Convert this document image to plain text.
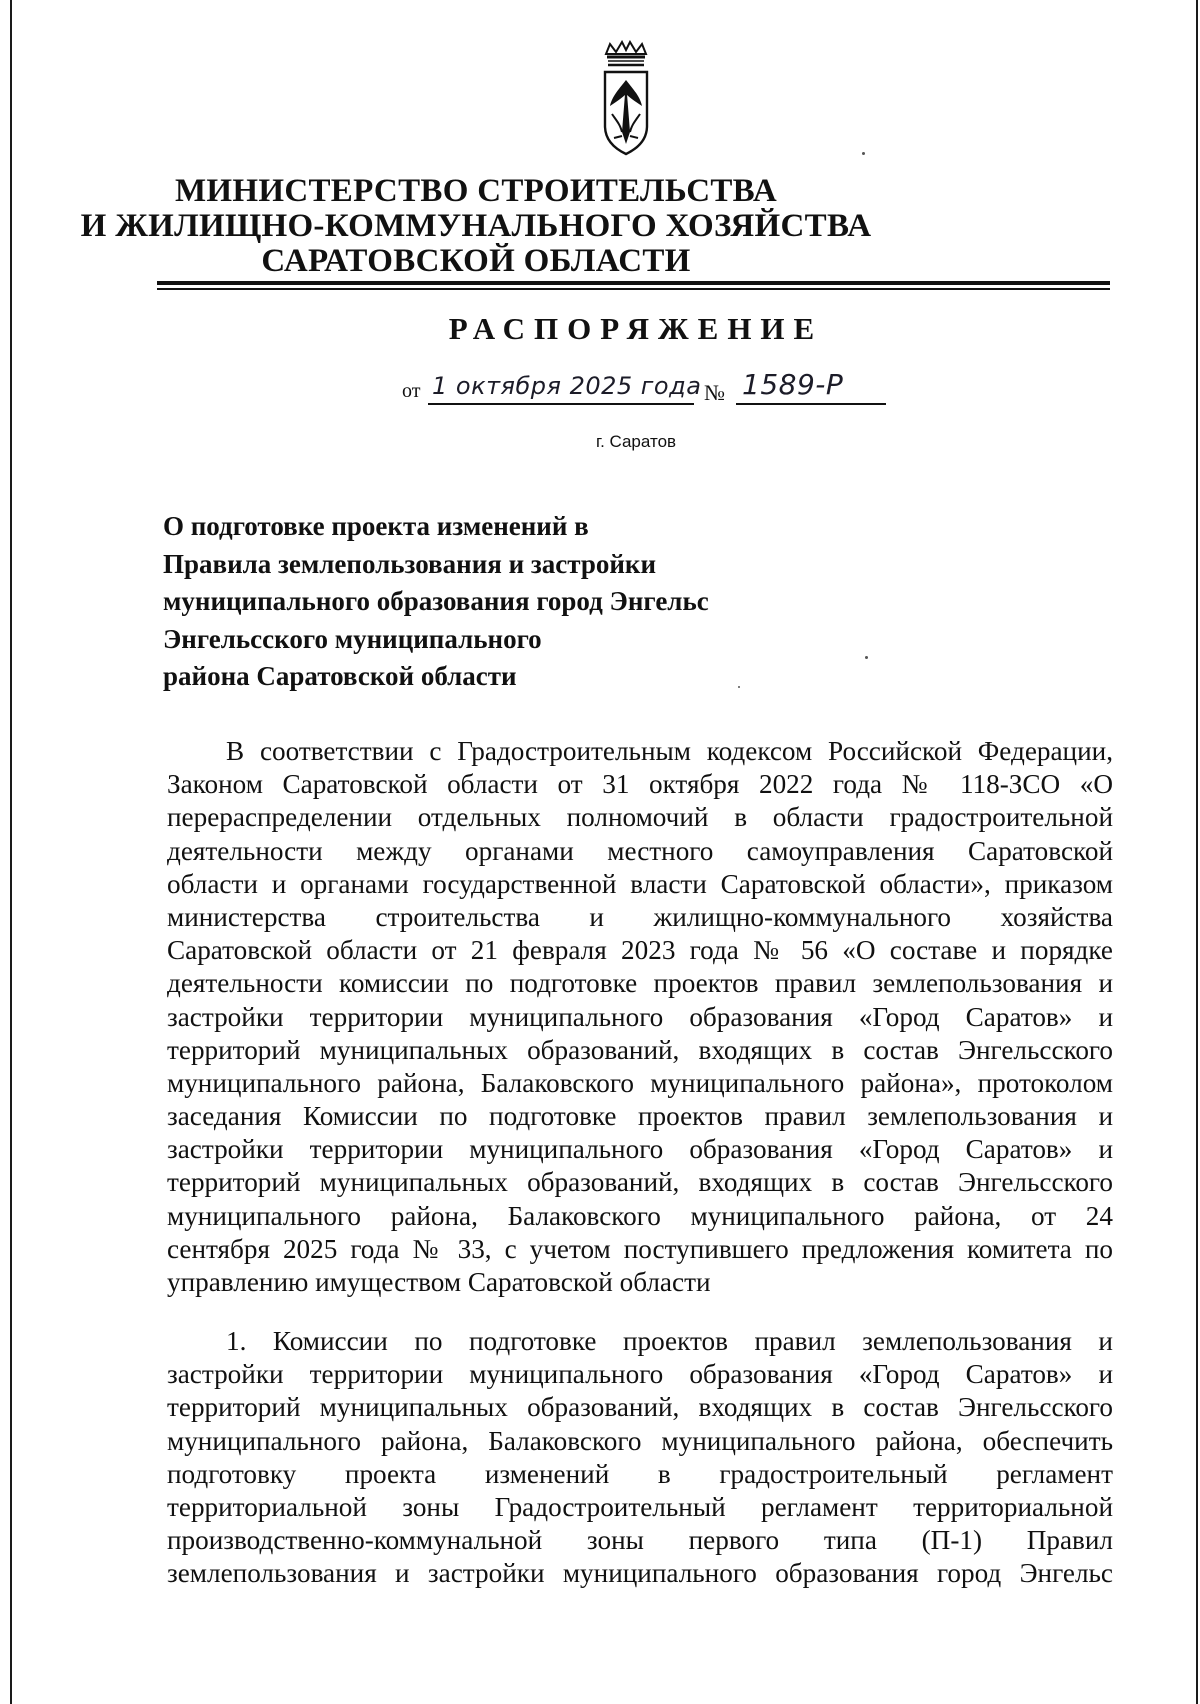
МИНИСТЕРСТВО СТРОИТЕЛЬСТВА
И ЖИЛИЩНО-КОММУНАЛЬНОГО ХОЗЯЙСТВА
САРАТОВСКОЙ ОБЛАСТИ
РАСПОРЯЖЕНИЕ
от 1 октября 2025 года № 1589-Р
г. Саратов
О подготовке проекта изменений в
Правила землепользования и застройки
муниципального образования город Энгельс
Энгельсского муниципального
района Саратовской области
В соответствии с Градостроительным кодексом Российской Федерации,
Законом Саратовской области от 31 октября 2022 года № 118-ЗСО «О
перераспределении отдельных полномочий в области градостроительной
деятельности между органами местного самоуправления Саратовской
области и органами государственной власти Саратовской области», приказом
министерства строительства и жилищно-коммунального хозяйства
Саратовской области от 21 февраля 2023 года № 56 «О составе и порядке
деятельности комиссии по подготовке проектов правил землепользования и
застройки территории муниципального образования «Город Саратов» и
территорий муниципальных образований, входящих в состав Энгельсского
муниципального района, Балаковского муниципального района», протоколом
заседания Комиссии по подготовке проектов правил землепользования и
застройки территории муниципального образования «Город Саратов» и
территорий муниципальных образований, входящих в состав Энгельсского
муниципального района, Балаковского муниципального района, от 24
сентября 2025 года № 33, с учетом поступившего предложения комитета по
управлению имуществом Саратовской области
1. Комиссии по подготовке проектов правил землепользования и
застройки территории муниципального образования «Город Саратов» и
территорий муниципальных образований, входящих в состав Энгельсского
муниципального района, Балаковского муниципального района, обеспечить
подготовку проекта изменений в градостроительный регламент
территориальной зоны Градостроительный регламент территориальной
производственно-коммунальной зоны первого типа (П-1) Правил
землепользования и застройки муниципального образования город Энгельс
